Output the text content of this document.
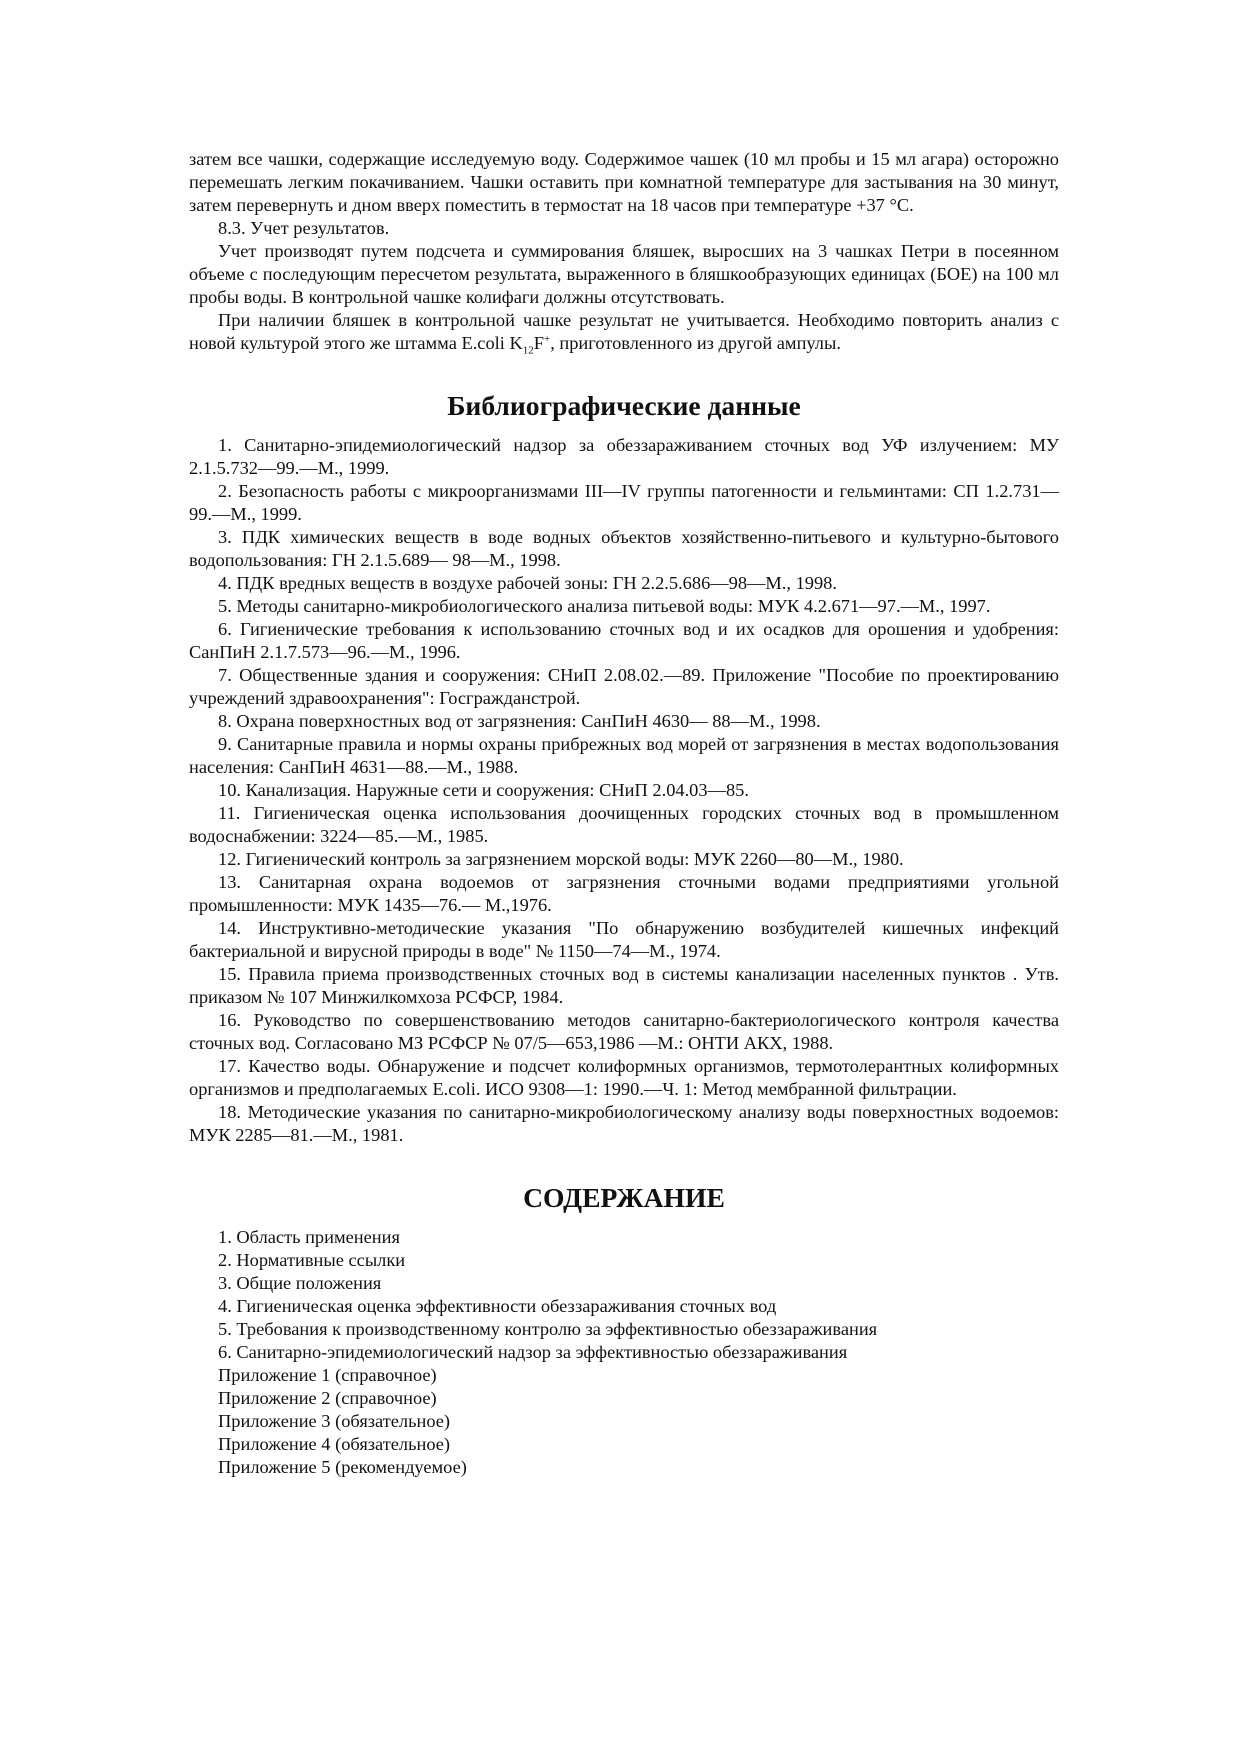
затем все чашки, содержащие исследуемую воду. Содержимое чашек (10 мл пробы и 15 мл агара) осторожно перемешать легким покачиванием. Чашки оставить при комнатной температуре для застывания на 30 минут, затем перевернуть и дном вверх поместить в термостат на 18 часов при температуре +37 °С.

8.3. Учет результатов.

Учет производят путем подсчета и суммирования бляшек, выросших на 3 чашках Петри в посеянном объеме с последующим пересчетом результата, выраженного в бляшкообразующих единицах (БОЕ) на 100 мл пробы воды. В контрольной чашке колифаги должны отсутствовать.

При наличии бляшек в контрольной чашке результат не учитывается. Необходимо повторить анализ с новой культурой этого же штамма E.coli $K_{12}F^+$, приготовленного из другой ампулы.

Библиографические данные

1. Санитарно-эпидемиологический надзор за обеззараживанием сточных вод УФ излучением: МУ 2.1.5.732—99.—М., 1999.

2. Безопасность работы с микроорганизмами III—IV группы патогенности и гельминтами: СП 1.2.731—99.—М., 1999.

3. ПДК химических веществ в воде водных объектов хозяйственно-питьевого и культурно-бытового водопользования: ГН 2.1.5.689— 98—М., 1998.

4. ПДК вредных веществ в воздухе рабочей зоны: ГН 2.2.5.686—98—М., 1998.

5. Методы санитарно-микробиологического анализа питьевой воды: МУК 4.2.671—97.—М., 1997.

6. Гигиенические требования к использованию сточных вод и их осадков для орошения и удобрения: СанПиН 2.1.7.573—96.—М., 1996.

7. Общественные здания и сооружения: СНиП 2.08.02.—89. Приложение "Пособие по проектированию учреждений здравоохранения": Госгражданстрой.

8. Охрана поверхностных вод от загрязнения: СанПиН 4630— 88—М., 1998.

9. Санитарные правила и нормы охраны прибрежных вод морей от загрязнения в местах водопользования населения: СанПиН 4631—88.—М., 1988.

10. Канализация. Наружные сети и сооружения: СНиП 2.04.03—85.

11. Гигиеническая оценка использования доочищенных городских сточных вод в промышленном водоснабжении: 3224—85.—М., 1985.

12. Гигиенический контроль за загрязнением морской воды: МУК 2260—80—М., 1980.

13. Санитарная охрана водоемов от загрязнения сточными водами предприятиями угольной промышленности: МУК 1435—76.— М.,1976.

14. Инструктивно-методические указания "По обнаружению возбудителей кишечных инфекций бактериальной и вирусной природы в воде" № 1150—74—М., 1974.

15. Правила приема производственных сточных вод в системы канализации населенных пунктов . Утв. приказом № 107 Минжилкомхоза РСФСР, 1984.

16. Руководство по совершенствованию методов санитарно-бактериологического контроля качества сточных вод. Согласовано МЗ РСФСР № 07/5—653,1986 —М.: ОНТИ АКХ, 1988.

17. Качество воды. Обнаружение и подсчет колиформных организмов, термотолерантных колиформных организмов и предполагаемых E.coli. ИСО 9308—1: 1990.—Ч. 1: Метод мембранной фильтрации.

18. Методические указания по санитарно-микробиологическому анализу воды поверхностных водоемов: МУК 2285—81.—М., 1981.

СОДЕРЖАНИЕ
1. Область применения
2. Нормативные ссылки
3. Общие положения
4. Гигиеническая оценка эффективности обеззараживания сточных вод
5. Требования к производственному контролю за эффективностью обеззараживания
6. Санитарно-эпидемиологический надзор за эффективностью обеззараживания
Приложение 1 (справочное)
Приложение 2 (справочное)
Приложение 3 (обязательное)
Приложение 4 (обязательное)
Приложение 5 (рекомендуемое)
